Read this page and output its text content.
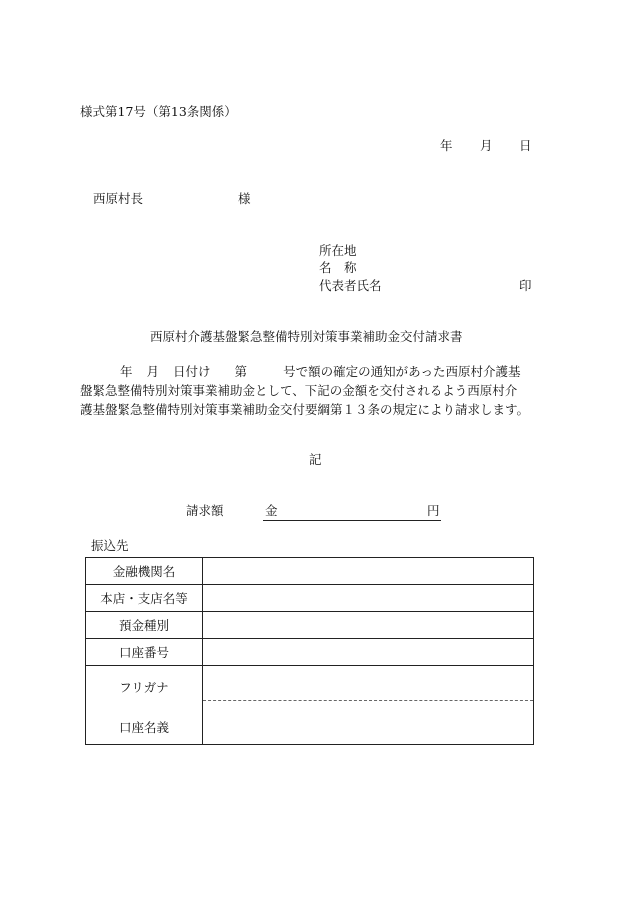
様式第17号（第13条関係）
年 月 日
西原村長	様
所在地
名　称
代表者氏名	印
西原村介護基盤緊急整備特別対策事業補助金交付請求書
年 月 日付け 第	号で額の確定の通知があった西原村介護基
盤緊急整備特別対策事業補助金として、下記の金額を交付されるよう西原村介
護基盤緊急整備特別対策事業補助金交付要綱第１３条の規定により請求します。
記
請求額	金	円
振込先
金融機関名	
本店・支店名等	
預金種別	
口座番号	

フリガナ
口座名義	
